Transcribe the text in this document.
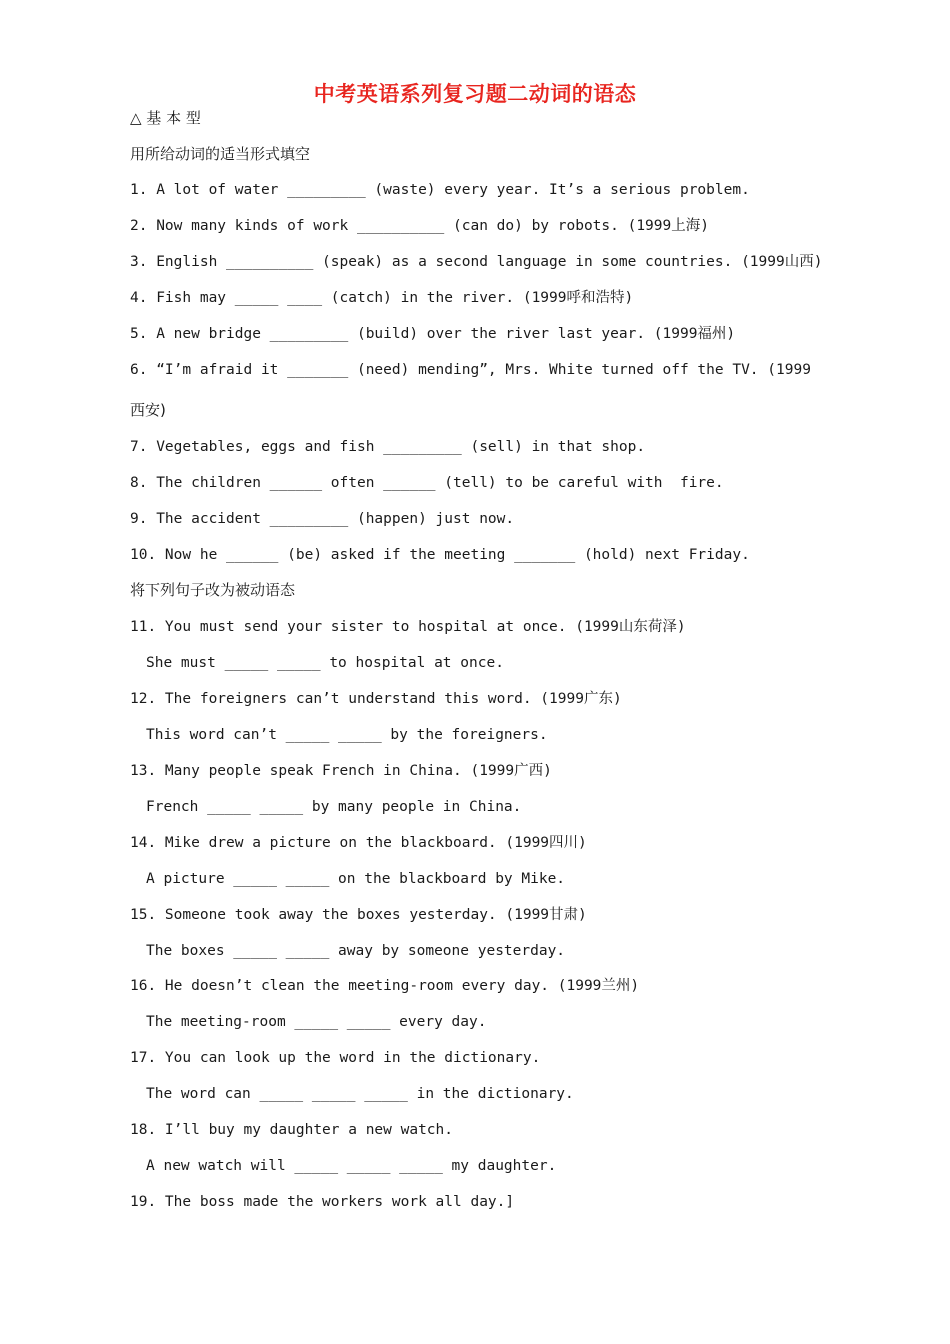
中考英语系列复习题二动词的语态
△ 基 本 型
用所给动词的适当形式填空
1. A lot of water _________ (waste) every year. It’s a serious problem.
2. Now many kinds of work __________ (can do) by robots. (1999上海)
3. English __________ (speak) as a second language in some countries. (1999山西)
4. Fish may _____ ____ (catch) in the river. (1999呼和浩特)
5. A new bridge _________ (build) over the river last year. (1999福州)
6. “I’m afraid it _______ (need) mending”, Mrs. White turned off the TV. (1999
西安)
7. Vegetables, eggs and fish _________ (sell) in that shop.
8. The children ______ often ______ (tell) to be careful with  fire.
9. The accident _________ (happen) just now.
10. Now he ______ (be) asked if the meeting _______ (hold) next Friday.
将下列句子改为被动语态
11. You must send your sister to hospital at once. (1999山东荷泽)
She must _____ _____ to hospital at once.
12. The foreigners can’t understand this word. (1999广东)
This word can’t _____ _____ by the foreigners.
13. Many people speak French in China. (1999广西)
French _____ _____ by many people in China.
14. Mike drew a picture on the blackboard. (1999四川)
A picture _____ _____ on the blackboard by Mike.
15. Someone took away the boxes yesterday. (1999甘肃)
The boxes _____ _____ away by someone yesterday.
16. He doesn’t clean the meeting-room every day. (1999兰州)
The meeting-room _____ _____ every day.
17. You can look up the word in the dictionary.
The word can _____ _____ _____ in the dictionary.
18. I’ll buy my daughter a new watch.
A new watch will _____ _____ _____ my daughter.
19. The boss made the workers work all day.]
